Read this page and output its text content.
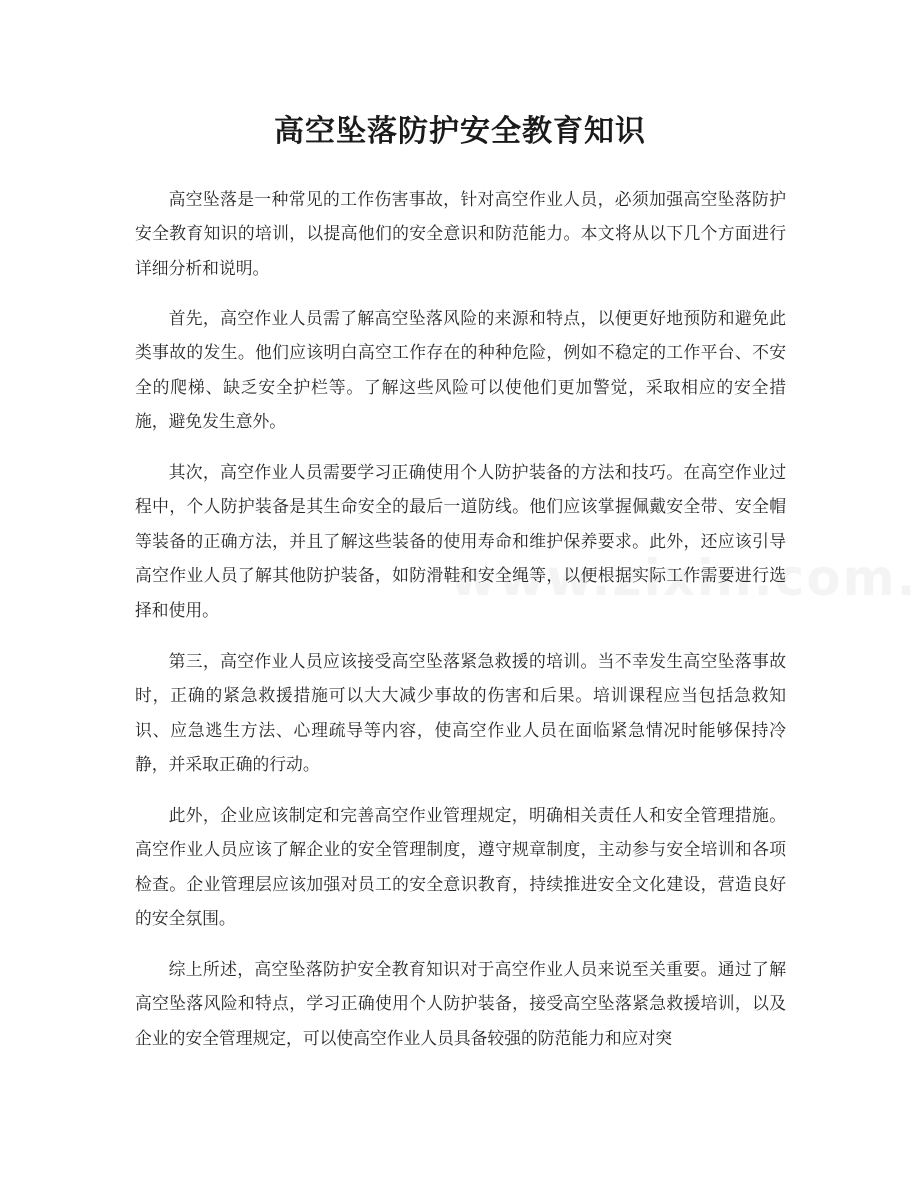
高空坠落防护安全教育知识

高空坠落是一种常见的工作伤害事故，针对高空作业人员，必须加强高空坠落防护安全教育知识的培训，以提高他们的安全意识和防范能力。本文将从以下几个方面进行详细分析和说明。

首先，高空作业人员需了解高空坠落风险的来源和特点，以便更好地预防和避免此类事故的发生。他们应该明白高空工作存在的种种危险，例如不稳定的工作平台、不安全的爬梯、缺乏安全护栏等。了解这些风险可以使他们更加警觉，采取相应的安全措施，避免发生意外。

其次，高空作业人员需要学习正确使用个人防护装备的方法和技巧。在高空作业过程中，个人防护装备是其生命安全的最后一道防线。他们应该掌握佩戴安全带、安全帽等装备的正确方法，并且了解这些装备的使用寿命和维护保养要求。此外，还应该引导高空作业人员了解其他防护装备，如防滑鞋和安全绳等，以便根据实际工作需要进行选择和使用。

第三，高空作业人员应该接受高空坠落紧急救援的培训。当不幸发生高空坠落事故时，正确的紧急救援措施可以大大减少事故的伤害和后果。培训课程应当包括急救知识、应急逃生方法、心理疏导等内容，使高空作业人员在面临紧急情况时能够保持冷静，并采取正确的行动。

此外，企业应该制定和完善高空作业管理规定，明确相关责任人和安全管理措施。高空作业人员应该了解企业的安全管理制度，遵守规章制度，主动参与安全培训和各项检查。企业管理层应该加强对员工的安全意识教育，持续推进安全文化建设，营造良好的安全氛围。

综上所述，高空坠落防护安全教育知识对于高空作业人员来说至关重要。通过了解高空坠落风险和特点，学习正确使用个人防护装备，接受高空坠落紧急救援培训，以及企业的安全管理规定，可以使高空作业人员具备较强的防范能力和应对突
